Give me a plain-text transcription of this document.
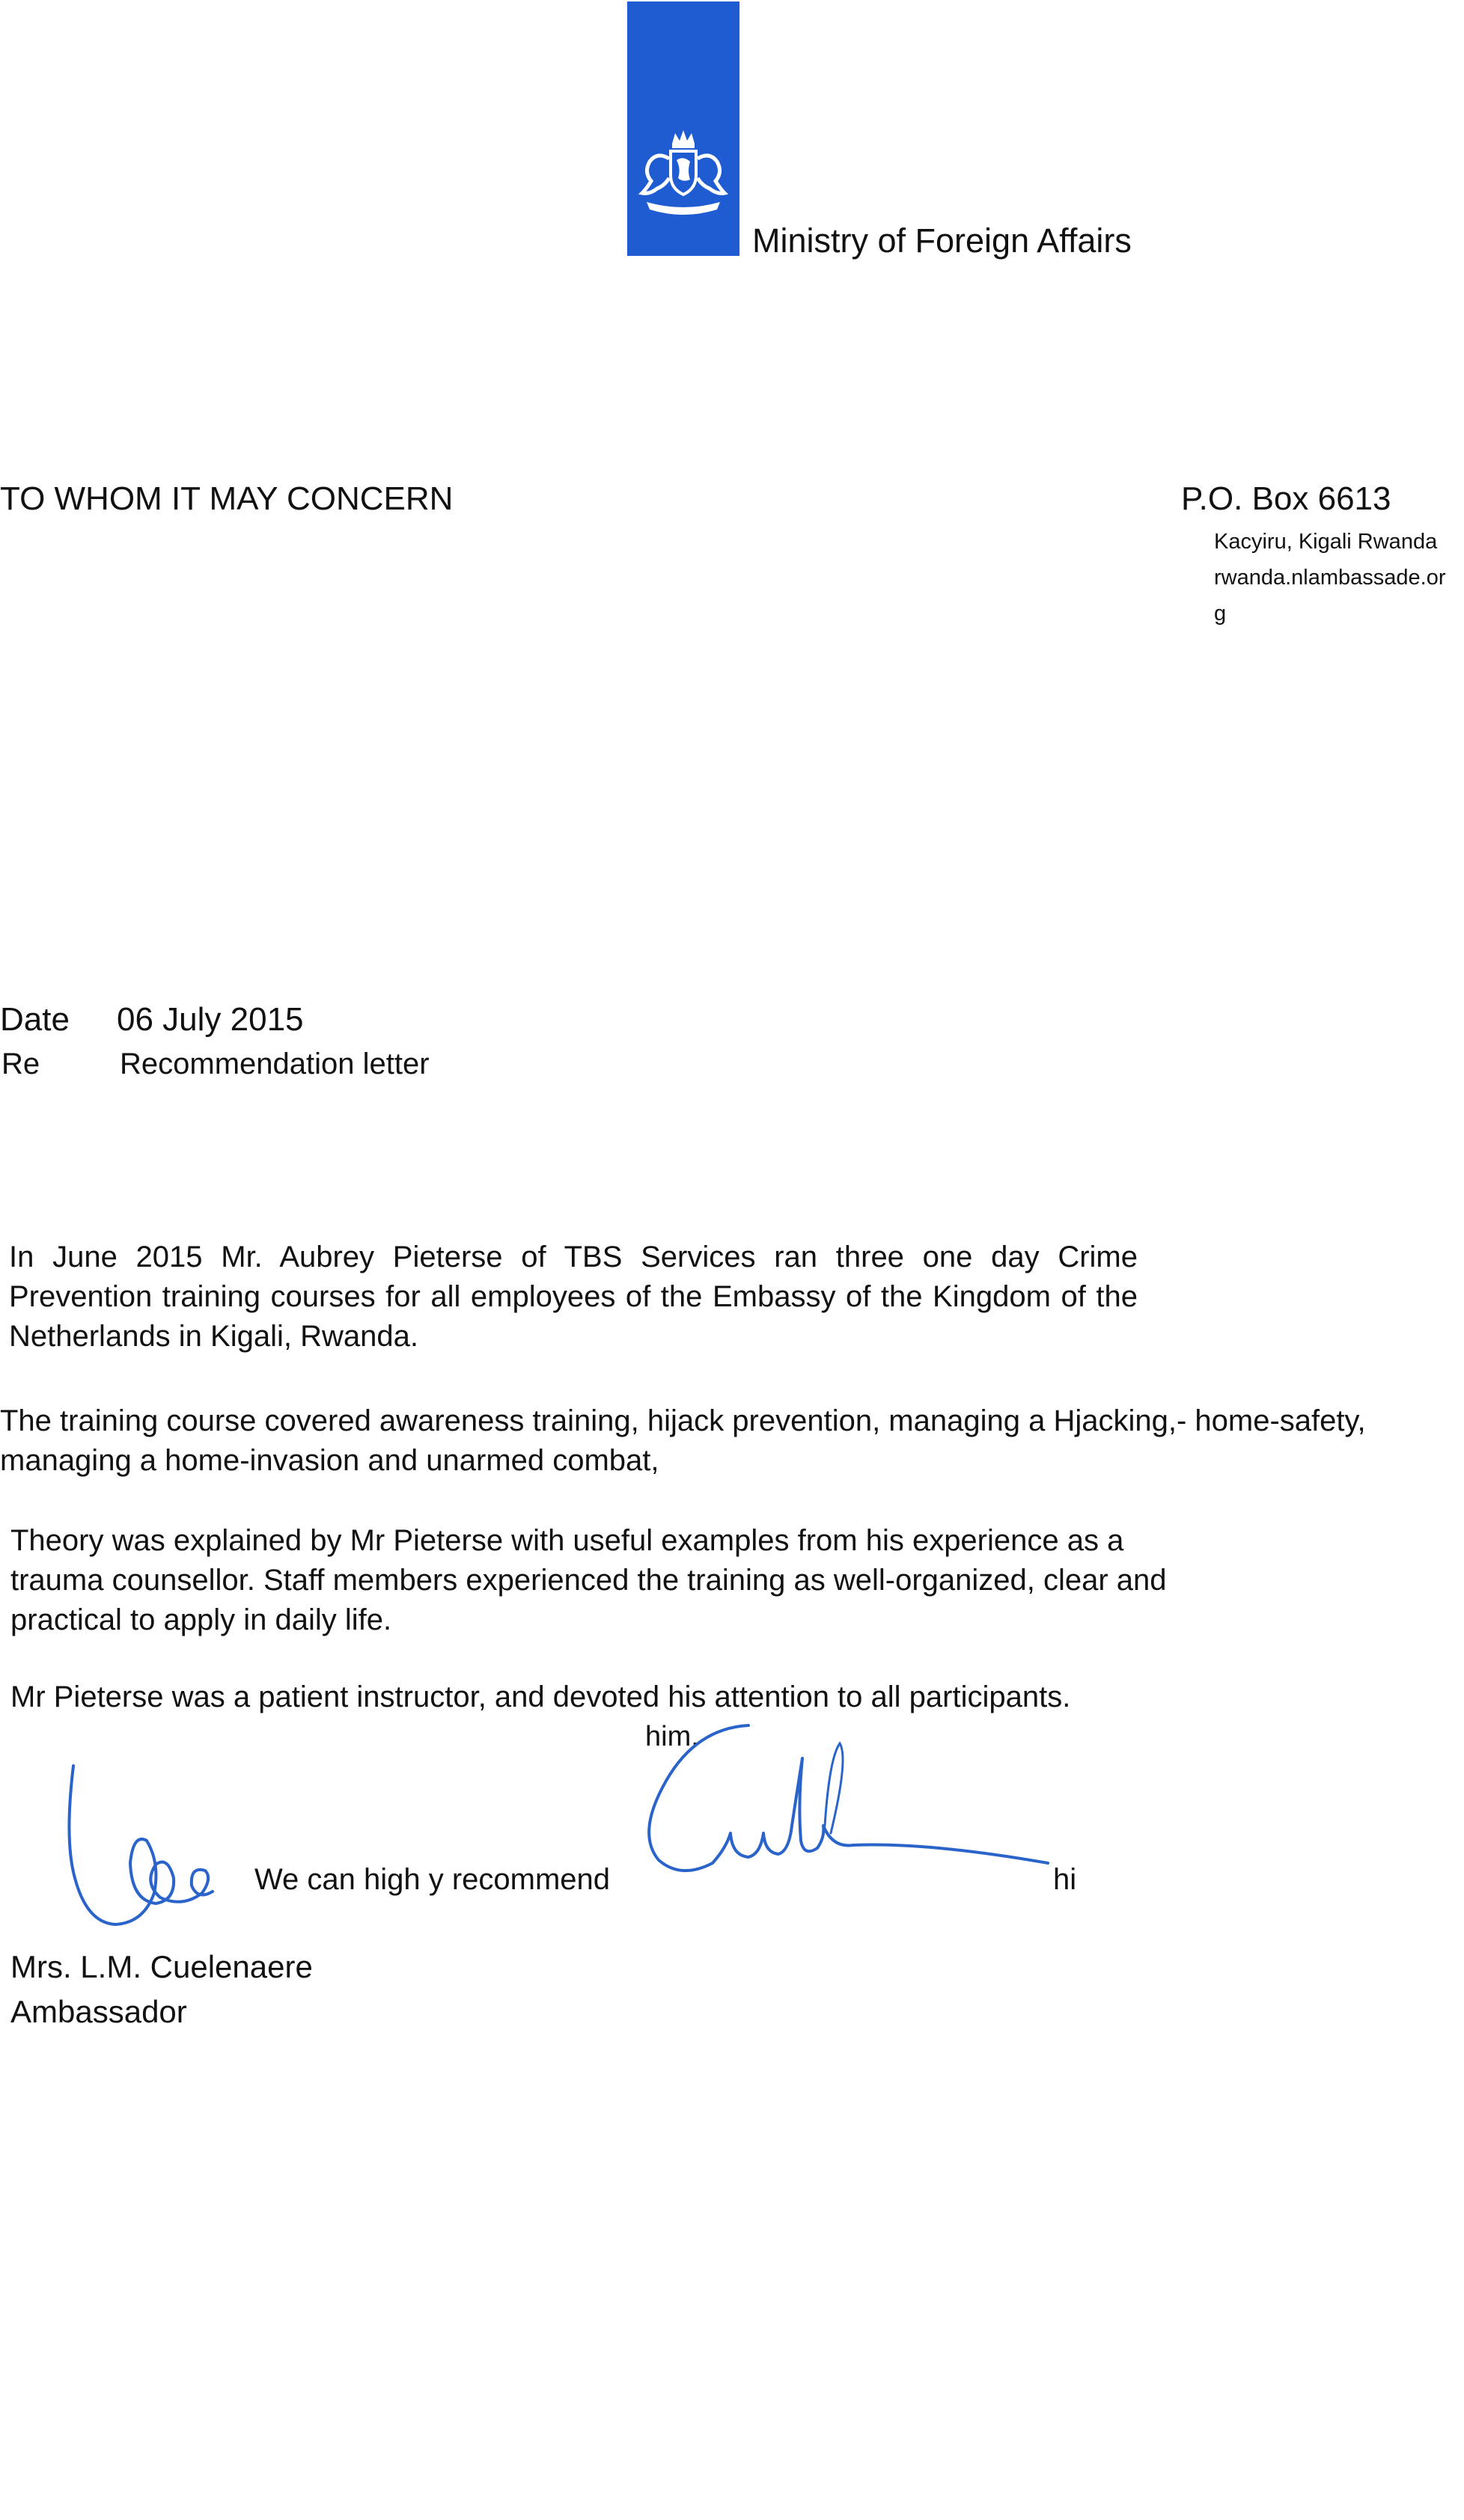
Ministry of Foreign Affairs
TO WHOM IT MAY CONCERN	P.O. Box 6613
Kacyiru, Kigali Rwanda
rwanda.nlambassade.or
g
Date 06 July 2015
Re	Recommendation letter
In June 2015 Mr. Aubrey Pieterse of TBS Services ran three one day Crime Prevention training courses for all employees of the Embassy of the Kingdom of the Netherlands in Kigali, Rwanda.
The training course covered awareness training, hijack prevention, managing a Hjacking,- home-safety,
managing a home-invasion and unarmed combat,
Theory was explained by Mr Pieterse with useful examples from his experience as a trauma counsellor. Staff members experienced the training as well-organized, clear and practical to apply in daily life.
Mr Pieterse was a patient instructor, and devoted his attention to all participants.
him.
We can high y recommend	hi
Mrs. L.M. Cuelenaere
Ambassador
